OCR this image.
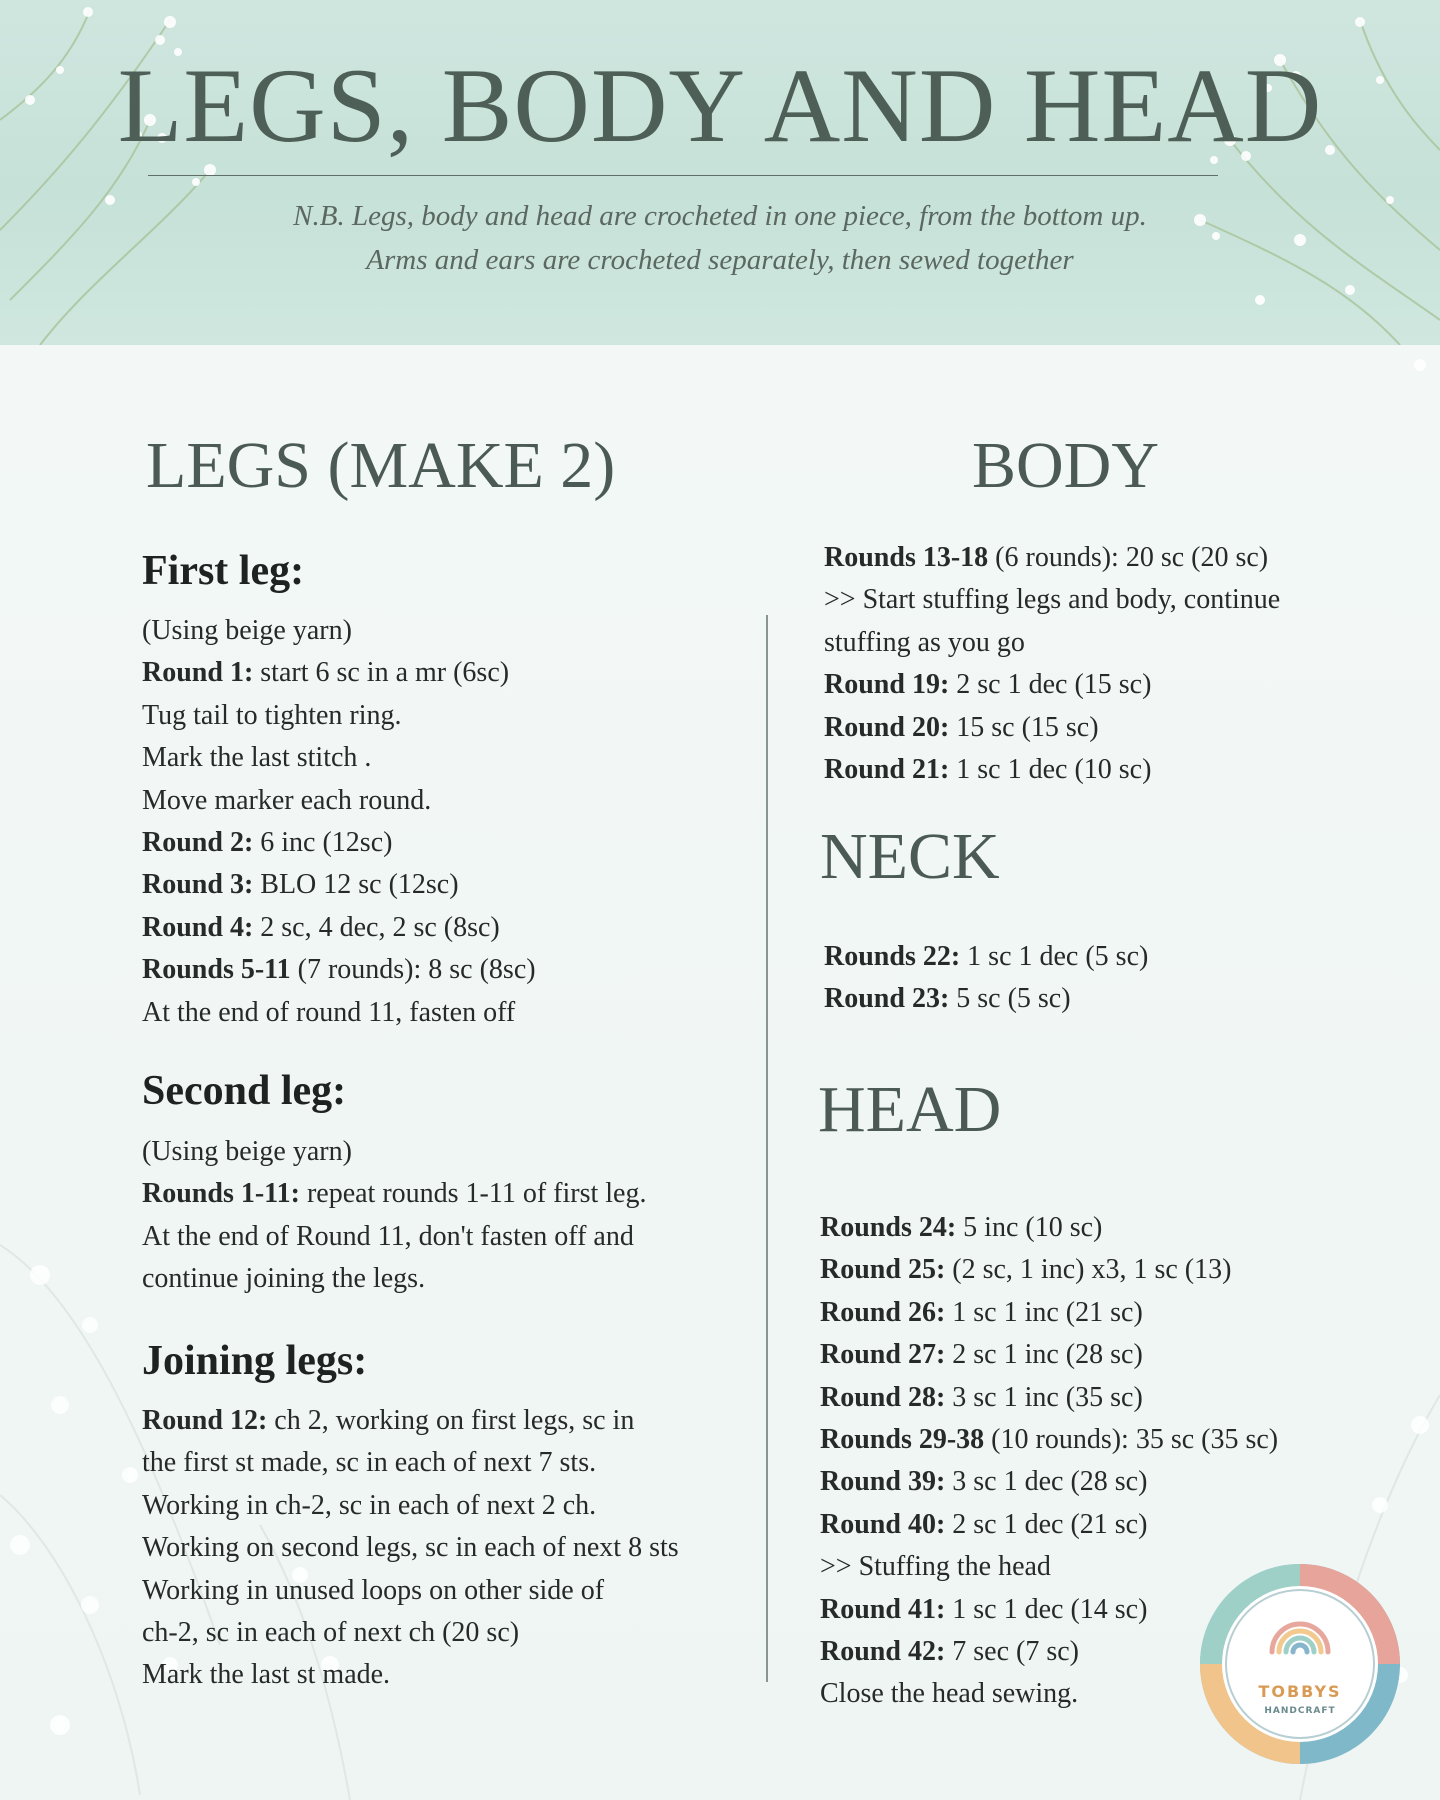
LEGS, BODY AND HEAD
N.B. Legs, body and head are crocheted in one piece, from the bottom up.
Arms and ears are crocheted separately, then sewed together
LEGS (MAKE 2)
First leg:
(Using beige yarn)
Round 1: start 6 sc in a mr (6sc)
Tug tail to tighten ring.
Mark the last stitch .
Move marker each round.
Round 2: 6 inc (12sc)
Round 3: BLO 12 sc (12sc)
Round 4: 2 sc, 4 dec, 2 sc (8sc)
Rounds 5-11 (7 rounds): 8 sc (8sc)
At the end of round 11, fasten off
Second leg:
(Using beige yarn)
Rounds 1-11: repeat rounds 1-11 of first leg.
At the end of Round 11, don't fasten off and
continue joining the legs.
Joining legs:
Round 12: ch 2, working on first legs, sc in
the first st made, sc in each of next 7 sts.
Working in ch-2, sc in each of next 2 ch.
Working on second legs, sc in each of next 8 sts
Working in unused loops on other side of
ch-2, sc in each of next ch (20 sc)
Mark the last st made.
BODY
Rounds 13-18 (6 rounds): 20 sc (20 sc)
>> Start stuffing legs and body, continue
stuffing as you go
Round 19: 2 sc 1 dec (15 sc)
Round 20: 15 sc (15 sc)
Round 21: 1 sc 1 dec (10 sc)
NECK
Rounds 22: 1 sc 1 dec (5 sc)
Round 23: 5 sc (5 sc)
HEAD
Rounds 24: 5 inc (10 sc)
Round 25: (2 sc, 1 inc) x3, 1 sc (13)
Round 26: 1 sc 1 inc (21 sc)
Round 27: 2 sc 1 inc (28 sc)
Round 28: 3 sc 1 inc (35 sc)
Rounds 29-38 (10 rounds): 35 sc (35 sc)
Round 39: 3 sc 1 dec (28 sc)
Round 40: 2 sc 1 dec (21 sc)
>> Stuffing the head
Round 41: 1 sc 1 dec (14 sc)
Round 42: 7 sec (7 sc)
Close the head sewing.	TOBBYS
HANDCRAFT
